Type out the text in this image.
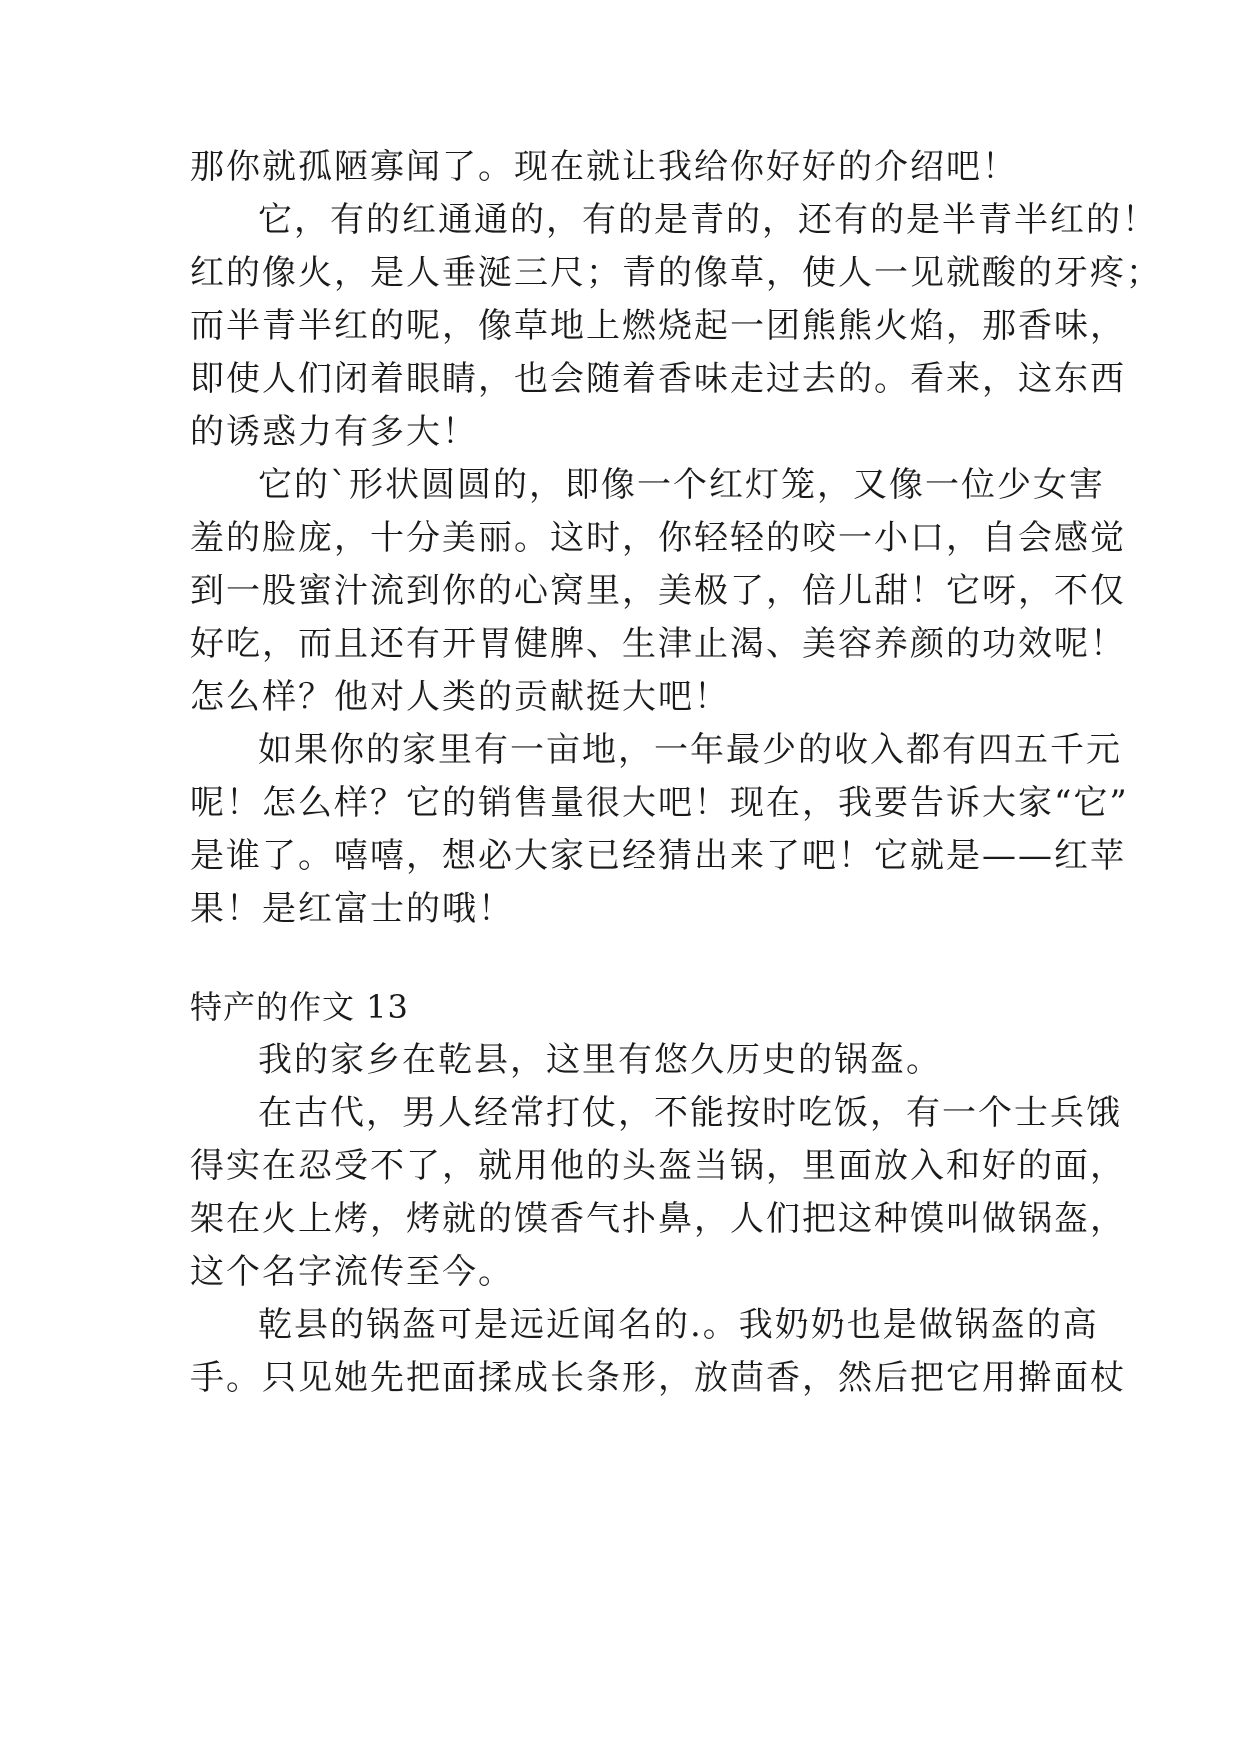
那你就孤陋寡闻了。现在就让我给你好好的介绍吧！
它，有的红通通的，有的是青的，还有的是半青半红的！
红的像火，是人垂涎三尺；青的像草，使人一见就酸的牙疼；
而半青半红的呢，像草地上燃烧起一团熊熊火焰，那香味，
即使人们闭着眼睛，也会随着香味走过去的。看来，这东西
的诱惑力有多大！
它的`形状圆圆的，即像一个红灯笼，又像一位少女害
羞的脸庞，十分美丽。这时，你轻轻的咬一小口，自会感觉
到一股蜜汁流到你的心窝里，美极了，倍儿甜！它呀，不仅
好吃，而且还有开胃健脾、生津止渴、美容养颜的功效呢！
怎么样？他对人类的贡献挺大吧！
如果你的家里有一亩地，一年最少的收入都有四五千元
呢！怎么样？它的销售量很大吧！现在，我要告诉大家“它”
是谁了。嘻嘻，想必大家已经猜出来了吧！它就是——红苹
果！是红富士的哦！
特产的作文 13
我的家乡在乾县，这里有悠久历史的锅盔。
在古代，男人经常打仗，不能按时吃饭，有一个士兵饿
得实在忍受不了，就用他的头盔当锅，里面放入和好的面，
架在火上烤，烤就的馍香气扑鼻，人们把这种馍叫做锅盔，
这个名字流传至今。
乾县的锅盔可是远近闻名的.。我奶奶也是做锅盔的高
手。只见她先把面揉成长条形，放茴香，然后把它用擀面杖
